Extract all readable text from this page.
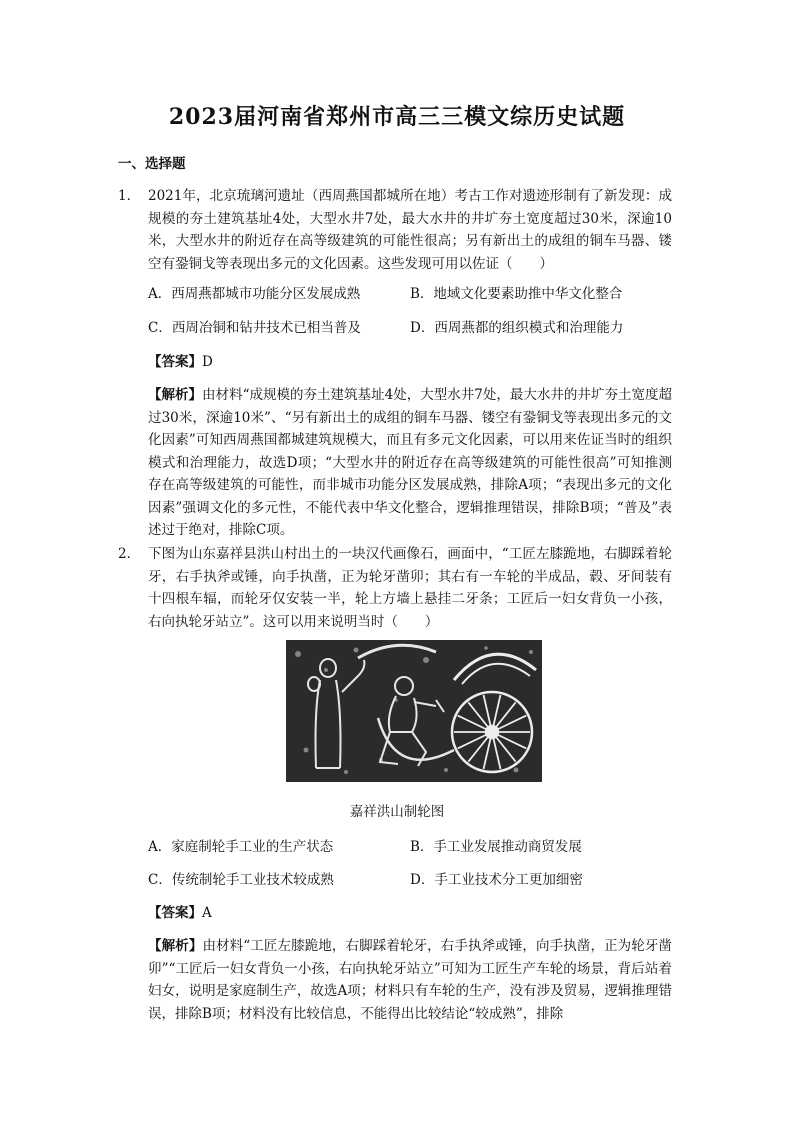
2023届河南省郑州市高三三模文综历史试题
一、选择题
1． 2021年，北京琉璃河遗址（西周燕国都城所在地）考古工作对遗迹形制有了新发现：成规模的夯土建筑基址4处，大型水井7处，最大水井的井圹夯土宽度超过30米，深逾10米，大型水井的附近存在高等级建筑的可能性很高；另有新出土的成组的铜车马器、镂空有銎铜戈等表现出多元的文化因素。这些发现可用以佐证（　　）
A．西周燕都城市功能分区发展成熟	B．地域文化要素助推中华文化整合
C．西周冶铜和钻井技术已相当普及	D．西周燕都的组织模式和治理能力
【答案】D
【解析】由材料“成规模的夯土建筑基址4处，大型水井7处，最大水井的井圹夯土宽度超过30米，深逾10米”、“另有新出土的成组的铜车马器、镂空有銎铜戈等表现出多元的文化因素”可知西周燕国都城建筑规模大，而且有多元文化因素，可以用来佐证当时的组织模式和治理能力，故选D项；“大型水井的附近存在高等级建筑的可能性很高”可知推测存在高等级建筑的可能性，而非城市功能分区发展成熟，排除A项；“表现出多元的文化因素”强调文化的多元性，不能代表中华文化整合，逻辑推理错误，排除B项；“普及”表述过于绝对，排除C项。
2． 下图为山东嘉祥县洪山村出土的一块汉代画像石，画面中，“工匠左膝跪地，右脚踩着轮牙，右手执斧或锤，向手执凿，正为轮牙凿卯；其右有一车轮的半成品，毂、牙间装有十四根车辐，而轮牙仅安装一半，轮上方墙上悬挂二牙条；工匠后一妇女背负一小孩，右向执轮牙站立”。这可以用来说明当时（　　）
嘉祥洪山制轮图
A．家庭制轮手工业的生产状态	B．手工业发展推动商贸发展
C．传统制轮手工业技术较成熟	D．手工业技术分工更加细密
【答案】A
【解析】由材料“工匠左膝跪地，右脚踩着轮牙，右手执斧或锤，向手执凿，正为轮牙凿卯”“工匠后一妇女背负一小孩，右向执轮牙站立”可知为工匠生产车轮的场景，背后站着妇女，说明是家庭制生产，故选A项；材料只有车轮的生产，没有涉及贸易，逻辑推理错误，排除B项；材料没有比较信息，不能得出比较结论“较成熟”，排除
